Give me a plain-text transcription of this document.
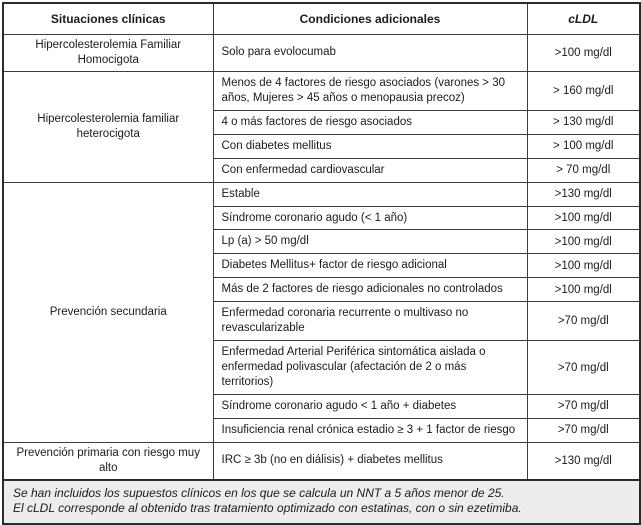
Situaciones clínicas	Condiciones adicionales	cLDL
Hipercolesterolemia Familiar Homocigota	Solo para evolocumab	>100 mg/dl
Hipercolesterolemia familiar heterocigota	Menos de 4 factores de riesgo asociados (varones > 30 años, Mujeres > 45 años o menopausia precoz)	> 160 mg/dl
	4 o más factores de riesgo asociados	> 130 mg/dl
	Con diabetes mellitus	> 100 mg/dl
	Con enfermedad cardiovascular	> 70 mg/dl
Prevención secundaria	Estable	>130 mg/dl
	Síndrome coronario agudo (< 1 año)	>100 mg/dl
	Lp (a) > 50 mg/dl	>100 mg/dl
	Diabetes Mellitus+ factor de riesgo adicional	>100 mg/dl
	Más de 2 factores de riesgo adicionales no controlados	>100 mg/dl
	Enfermedad coronaria recurrente o multivaso no revascularizable	>70 mg/dl
	Enfermedad Arterial Periférica sintomática aislada o enfermedad polivascular (afectación de 2 o más territorios)	>70 mg/dl
	Síndrome coronario agudo < 1 año + diabetes	>70 mg/dl
	Insuficiencia renal crónica estadio ≥ 3 + 1 factor de riesgo	>70 mg/dl
Prevención primaria con riesgo muy alto	IRC ≥ 3b (no en diálisis) + diabetes mellitus	>130 mg/dl

Se han incluidos los supuestos clínicos en los que se calcula un NNT a 5 años menor de 25.
El cLDL corresponde al obtenido tras tratamiento optimizado con estatinas, con o sin ezetimiba.		
